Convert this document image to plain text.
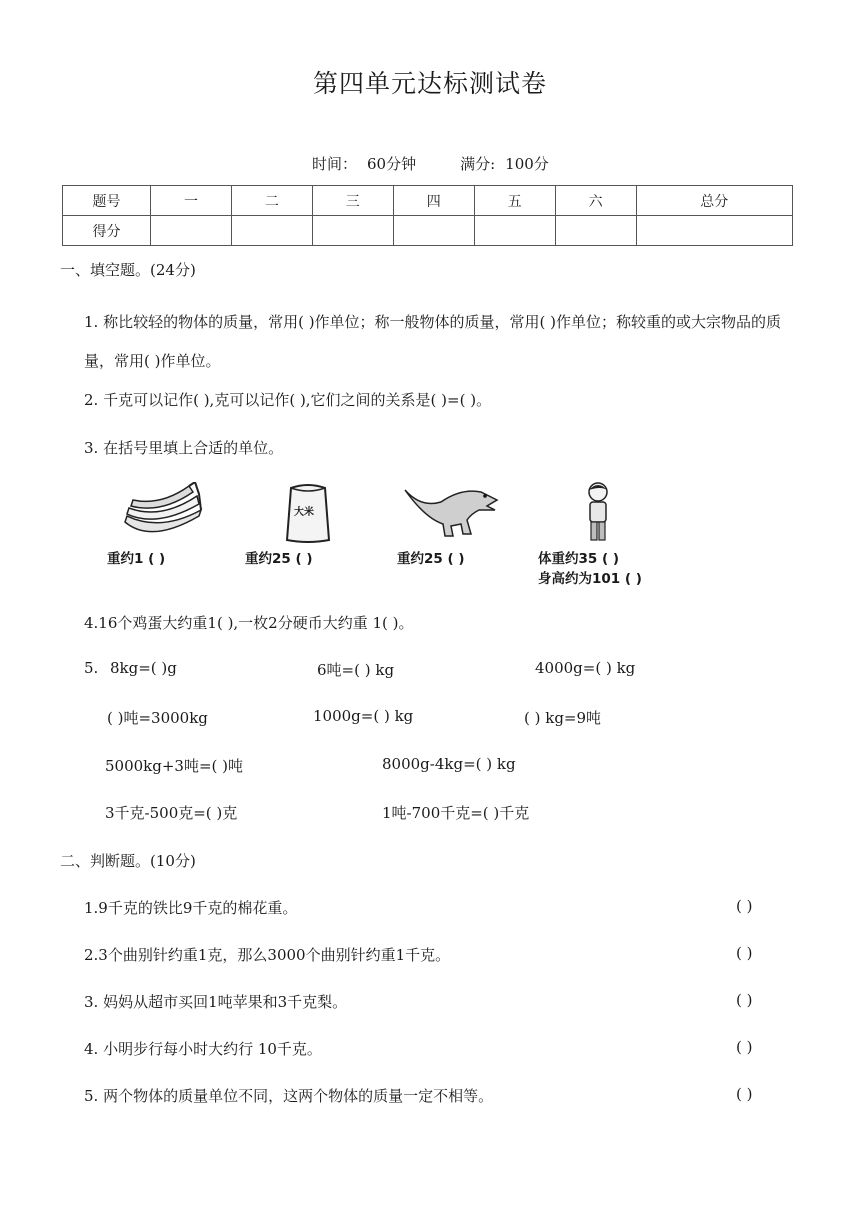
第四单元达标测试卷
时间： 60分钟	满分: 100分
题号	一	二	三	四	五	六	总分
得分							
一、填空题。(24分)
1. 称比较轻的物体的质量，常用( )作单位；称一般物体的质量，常用( )作单位；称较重的或大宗物品的质量，常用( )作单位。
2. 千克可以记作( ),克可以记作( ),它们之间的关系是( )=( )。
3. 在括号里填上合适的单位。
重约1 ( )
大米
重约25 ( )	重约25 ( )	体重约35 ( )
身高约为101 ( )
4.16个鸡蛋大约重1( ),一枚2分硬币大约重 1( )。
5. 8kg=( )g	6吨=( ) kg	4000g=( ) kg
( )吨=3000kg	1000g=( ) kg	( ) kg=9吨
5000kg+3吨=( )吨	8000g-4kg=( ) kg
3千克-500克=( )克	1吨-700千克=( )千克
二、判断题。(10分)
1.9千克的铁比9千克的棉花重。	( )
2.3个曲别针约重1克，那么3000个曲别针约重1千克。	( )
3. 妈妈从超市买回1吨苹果和3千克梨。	( )
4. 小明步行每小时大约行 10千克。	( )
5. 两个物体的质量单位不同，这两个物体的质量一定不相等。	( )
